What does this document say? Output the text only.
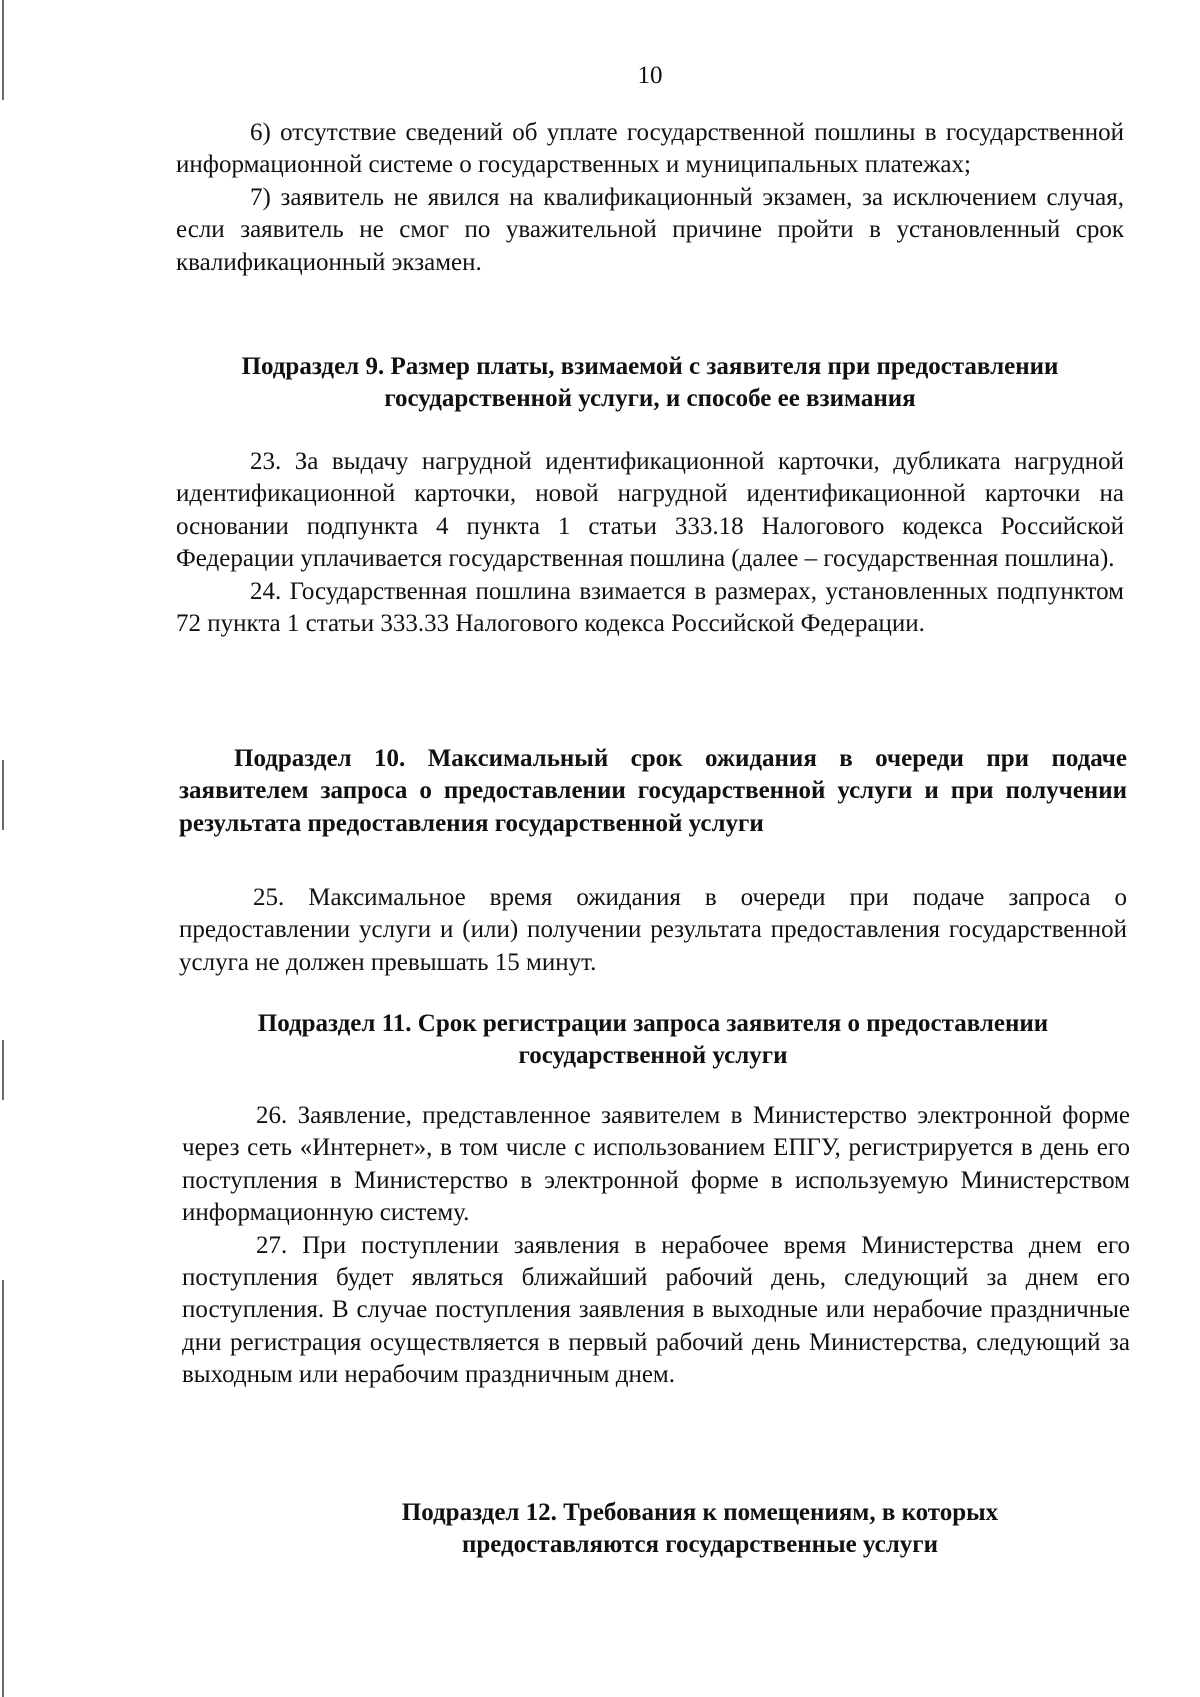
10

6) отсутствие сведений об уплате государственной пошлины в государственной информационной системе о государственных и муниципальных платежах;

7) заявитель не явился на квалификационный экзамен, за исключением случая, если заявитель не смог по уважительной причине пройти в установленный срок квалификационный экзамен.

Подраздел 9. Размер платы, взимаемой с заявителя при предоставлении государственной услуги, и способе ее взимания

23. За выдачу нагрудной идентификационной карточки, дубликата нагрудной идентификационной карточки, новой нагрудной идентификационной карточки на основании подпункта 4 пункта 1 статьи 333.18 Налогового кодекса Российской Федерации уплачивается государственная пошлина (далее – государственная пошлина).

24. Государственная пошлина взимается в размерах, установленных подпунктом 72 пункта 1 статьи 333.33 Налогового кодекса Российской Федерации.

Подраздел 10. Максимальный срок ожидания в очереди при подаче заявителем запроса о предоставлении государственной услуги и при получении результата предоставления государственной услуги

25. Максимальное время ожидания в очереди при подаче запроса о предоставлении услуги и (или) получении результата предоставления государственной услуга не должен превышать 15 минут.

Подраздел 11. Срок регистрации запроса заявителя о предоставлении государственной услуги

26. Заявление, представленное заявителем в Министерство электронной форме через сеть «Интернет», в том числе с использованием ЕПГУ, регистрируется в день его поступления в Министерство в электронной форме в используемую Министерством информационную систему.

27. При поступлении заявления в нерабочее время Министерства днем его поступления будет являться ближайший рабочий день, следующий за днем его поступления. В случае поступления заявления в выходные или нерабочие праздничные дни регистрация осуществляется в первый рабочий день Министерства, следующий за выходным или нерабочим праздничным днем.

Подраздел 12. Требования к помещениям, в которых предоставляются государственные услуги
